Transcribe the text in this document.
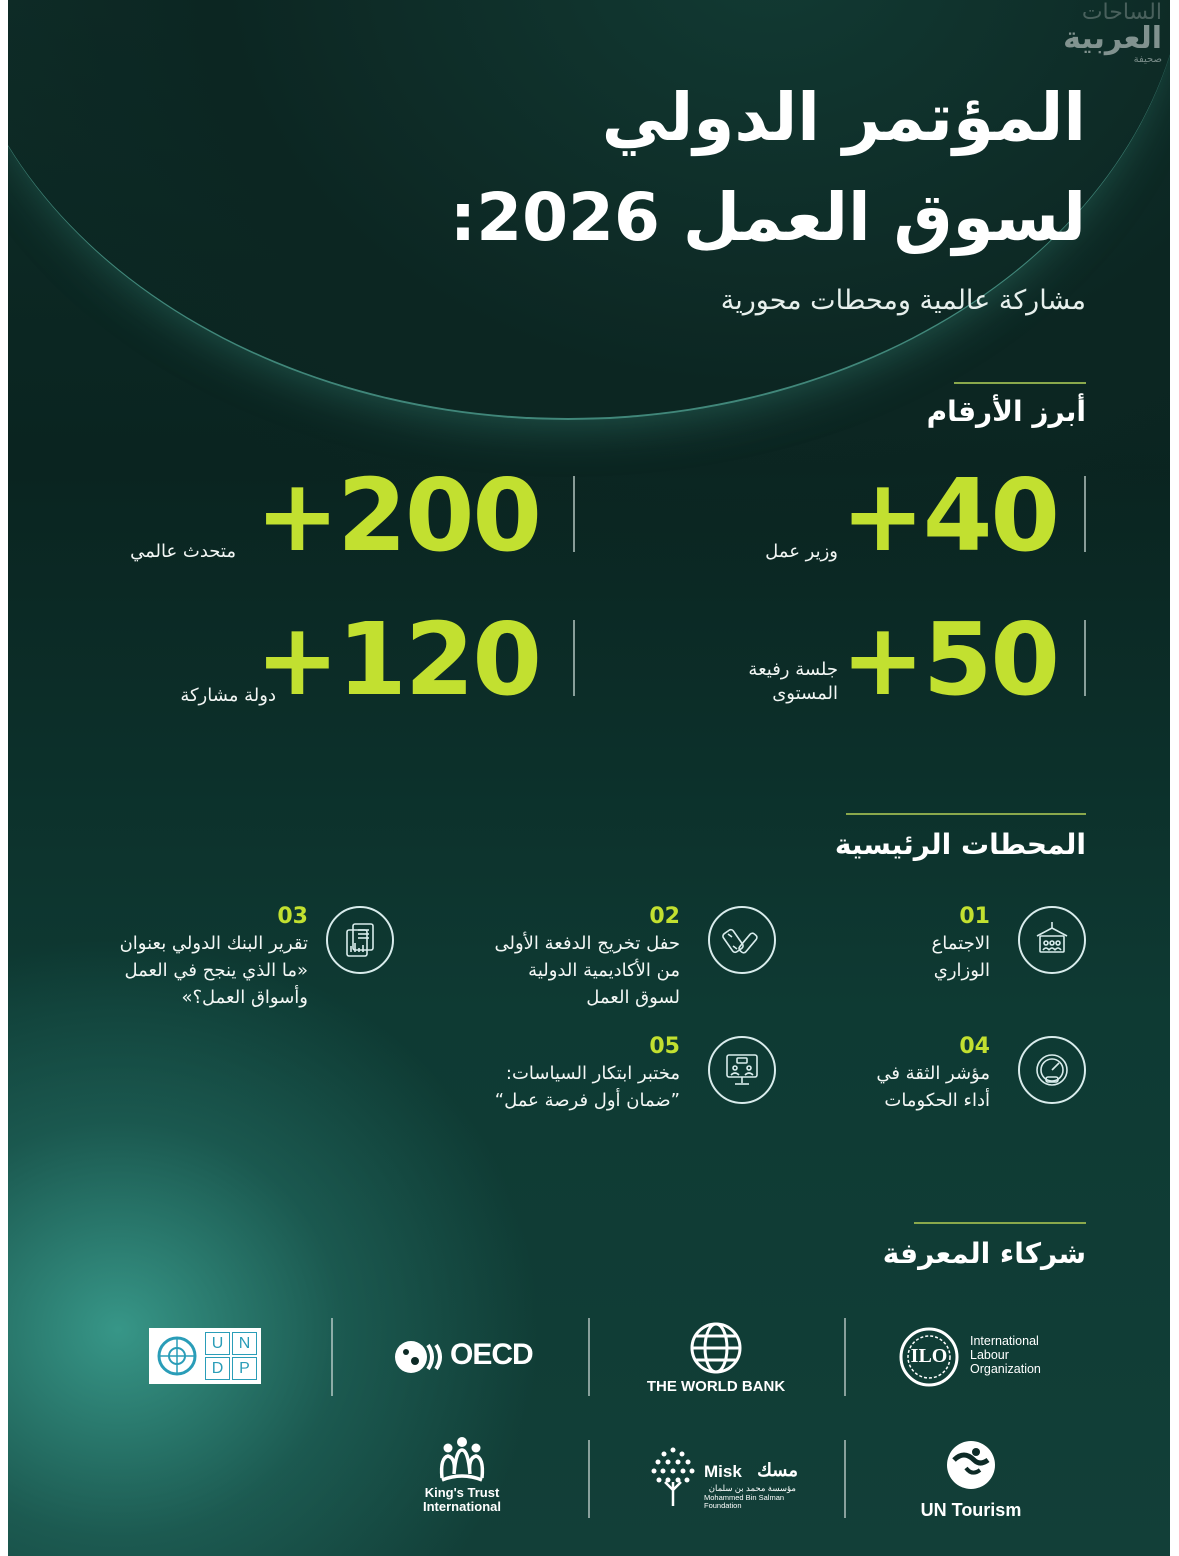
الساحات
العربية
صحيفة
المؤتمر الدولي
لسوق العمل 2026:
مشاركة عالمية ومحطات محورية
أبرز الأرقام
+40
وزير عمل
+200
متحدث عالمي
+50
جلسة رفيعة
المستوى
+120
دولة مشاركة
المحطات الرئيسية
01
الاجتماع
الوزاري
02
حفل تخريج الدفعة الأولى
من الأكاديمية الدولية
لسوق العمل
03
تقرير البنك الدولي بعنوان
«ما الذي ينجح في العمل
وأسواق العمل؟»
04
مؤشر الثقة في
أداء الحكومات
05
مختبر ابتكار السياسات:
”ضمان أول فرصة عمل“
شركاء المعرفة
ILO
International
Labour
Organization
THE WORLD BANK
OECD
U N
D P
UN Tourism
Misk مسك
مؤسسة محمد بن سلمان
Mohammed Bin Salman
Foundation
King's Trust
International
